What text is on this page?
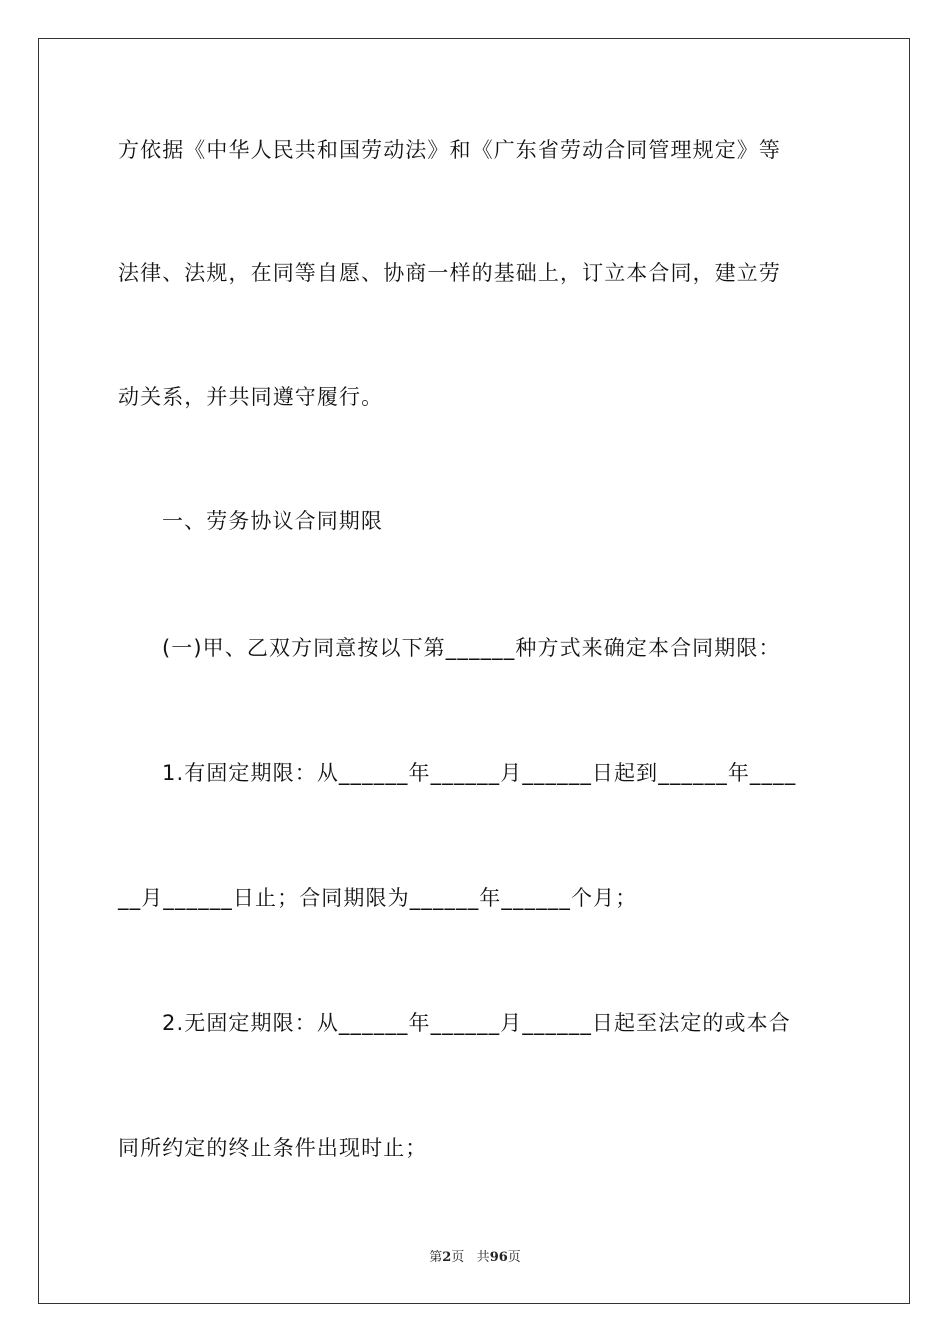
方依据《中华人民共和国劳动法》和《广东省劳动合同管理规定》等

法律、法规，在同等自愿、协商一样的基础上，订立本合同，建立劳

动关系，并共同遵守履行。

一、劳务协议合同期限

(一)甲、乙双方同意按以下第______种方式来确定本合同期限：

1.有固定期限：从______年______月______日起到______年____

__月______日止；合同期限为______年______个月；

2.无固定期限：从______年______月______日起至法定的或本合

同所约定的终止条件出现时止；

第2页 共96页
